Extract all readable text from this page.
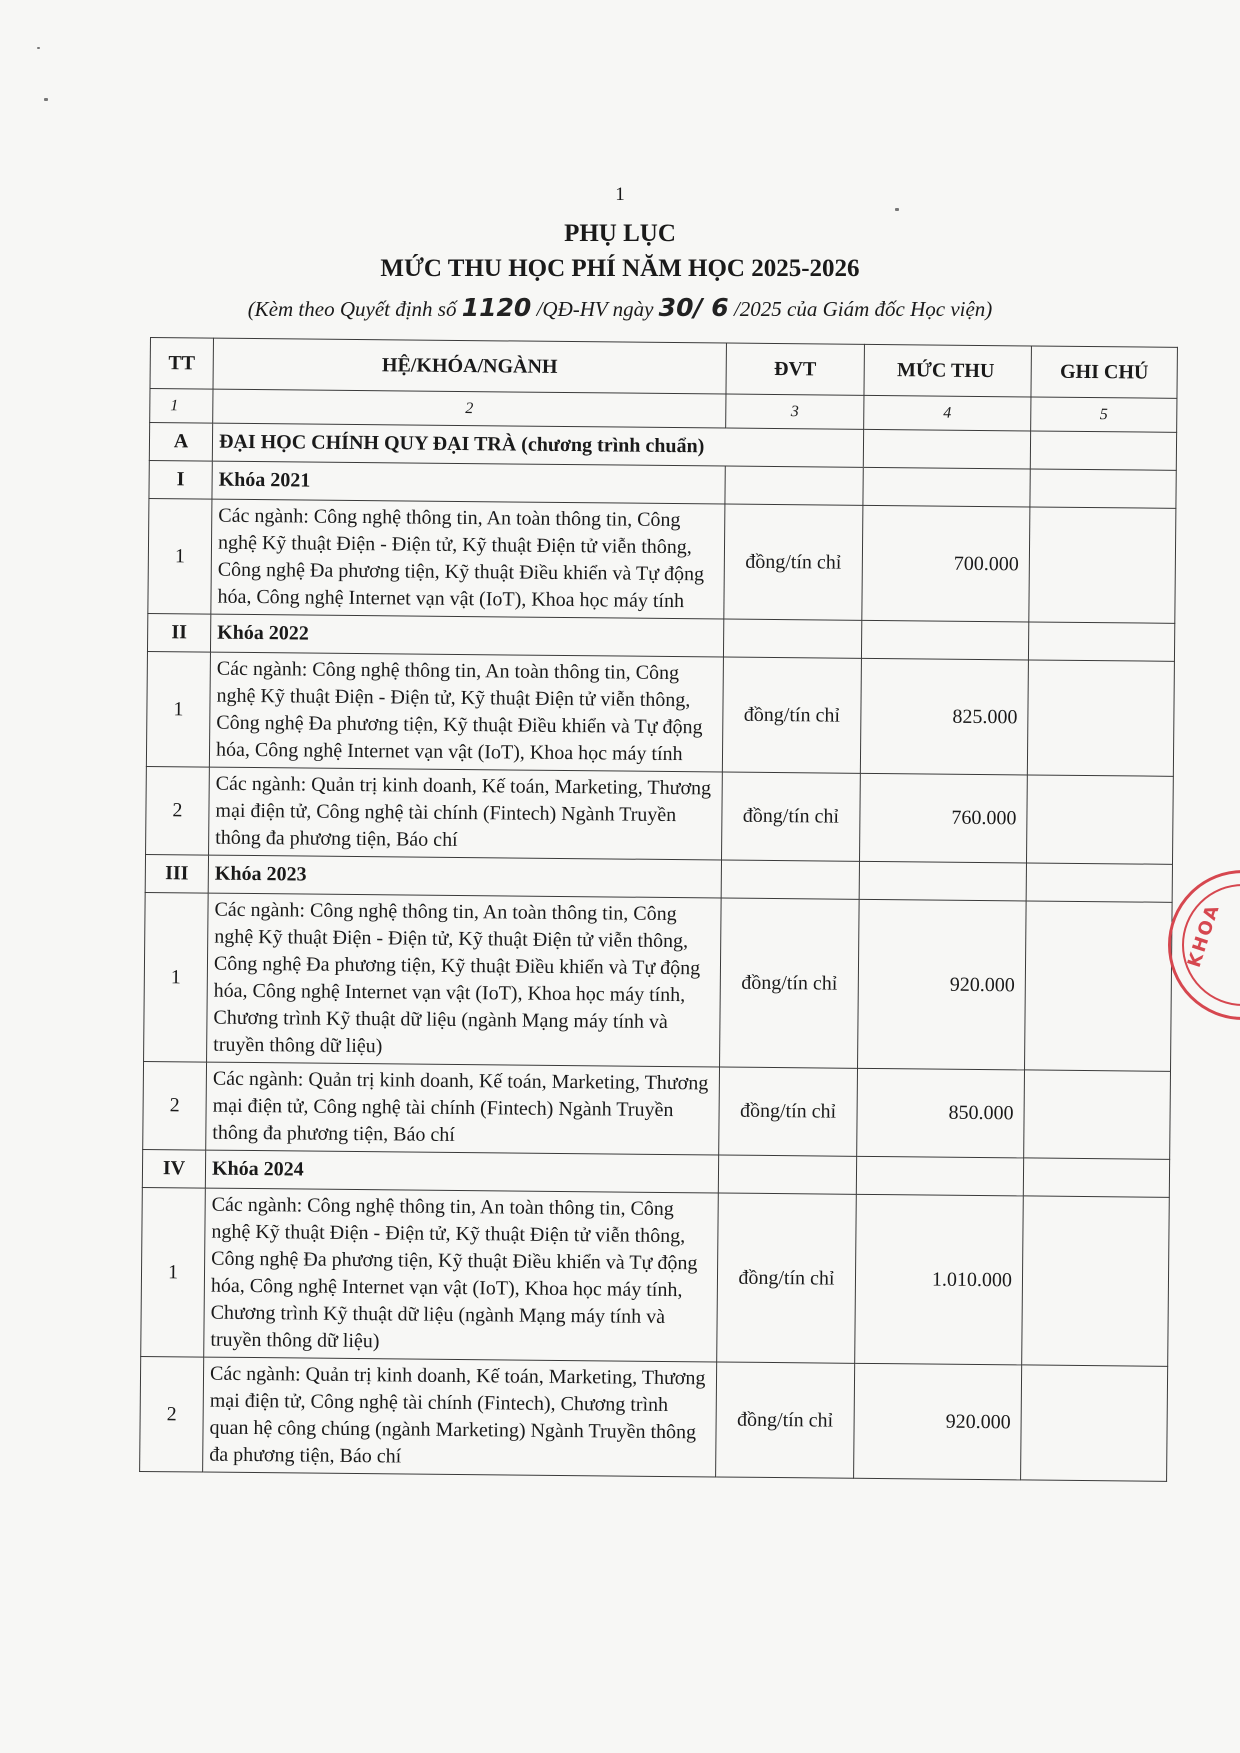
1
PHỤ LỤC
MỨC THU HỌC PHÍ NĂM HỌC 2025-2026
(Kèm theo Quyết định số 1120 /QĐ-HV ngày 30/ 6 /2025 của Giám đốc Học viện)
TT	HỆ/KHÓA/NGÀNH	ĐVT	MỨC THU	GHI CHÚ
1	2	3	4	5
A	ĐẠI HỌC CHÍNH QUY ĐẠI TRÀ (chương trình chuẩn)			
I	Khóa 2021			
1	Các ngành: Công nghệ thông tin, An toàn thông tin, Công nghệ Kỹ thuật Điện - Điện tử, Kỹ thuật Điện tử viễn thông, Công nghệ Đa phương tiện, Kỹ thuật Điều khiển và Tự động hóa, Công nghệ Internet vạn vật (IoT), Khoa học máy tính	đồng/tín chỉ	700.000	
II	Khóa 2022			
1	Các ngành: Công nghệ thông tin, An toàn thông tin, Công nghệ Kỹ thuật Điện - Điện tử, Kỹ thuật Điện tử viễn thông, Công nghệ Đa phương tiện, Kỹ thuật Điều khiển và Tự động hóa, Công nghệ Internet vạn vật (IoT), Khoa học máy tính	đồng/tín chỉ	825.000	
2	Các ngành: Quản trị kinh doanh, Kế toán, Marketing, Thương mại điện tử, Công nghệ tài chính (Fintech) Ngành Truyền thông đa phương tiện, Báo chí	đồng/tín chỉ	760.000	
III	Khóa 2023			
1	Các ngành: Công nghệ thông tin, An toàn thông tin, Công nghệ Kỹ thuật Điện - Điện tử, Kỹ thuật Điện tử viễn thông, Công nghệ Đa phương tiện, Kỹ thuật Điều khiển và Tự động hóa, Công nghệ Internet vạn vật (IoT), Khoa học máy tính, Chương trình Kỹ thuật dữ liệu (ngành Mạng máy tính và truyền thông dữ liệu)	đồng/tín chỉ	920.000	
2	Các ngành: Quản trị kinh doanh, Kế toán, Marketing, Thương mại điện tử, Công nghệ tài chính (Fintech) Ngành Truyền thông đa phương tiện, Báo chí	đồng/tín chỉ	850.000	
IV	Khóa 2024			
1	Các ngành: Công nghệ thông tin, An toàn thông tin, Công nghệ Kỹ thuật Điện - Điện tử, Kỹ thuật Điện tử viễn thông, Công nghệ Đa phương tiện, Kỹ thuật Điều khiển và Tự động hóa, Công nghệ Internet vạn vật (IoT), Khoa học máy tính, Chương trình Kỹ thuật dữ liệu (ngành Mạng máy tính và truyền thông dữ liệu)	đồng/tín chỉ	1.010.000	
2	Các ngành: Quản trị kinh doanh, Kế toán, Marketing, Thương mại điện tử, Công nghệ tài chính (Fintech), Chương trình quan hệ công chúng (ngành Marketing) Ngành Truyền thông đa phương tiện, Báo chí	đồng/tín chỉ	920.000	
KHOA
